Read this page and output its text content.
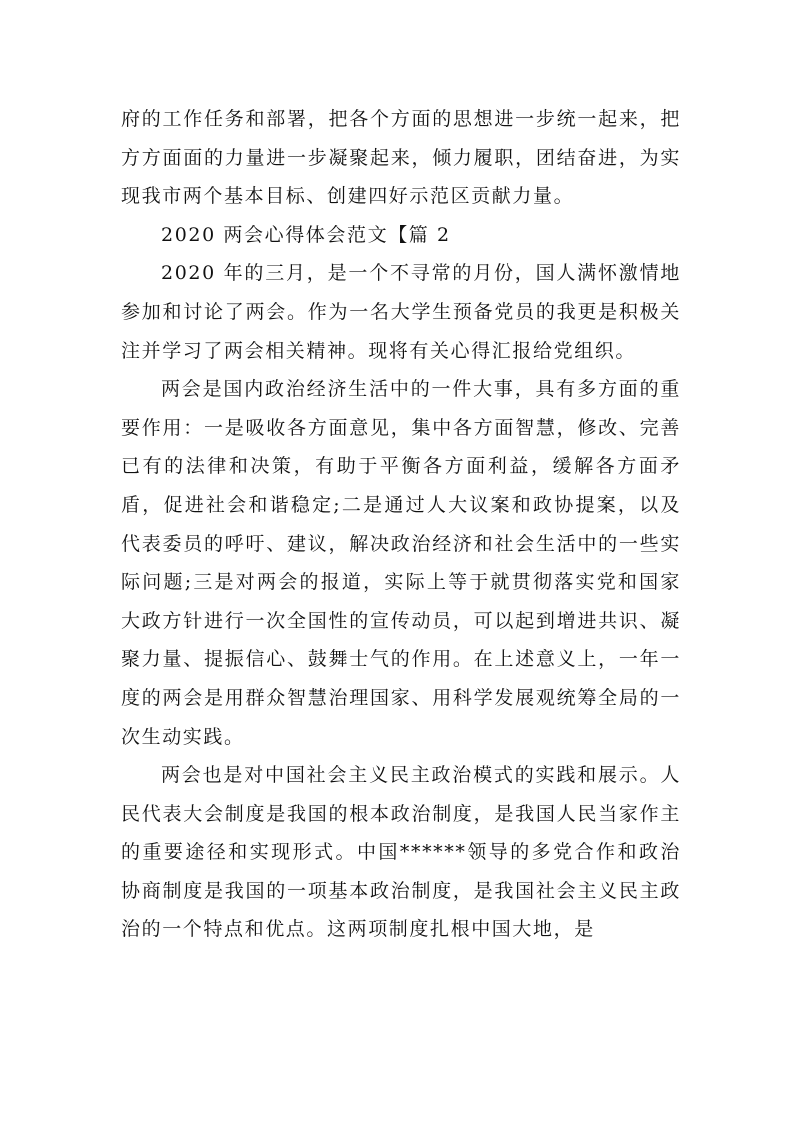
府的工作任务和部署，把各个方面的思想进一步统一起来，把方方面面的力量进一步凝聚起来，倾力履职，团结奋进，为实现我市两个基本目标、创建四好示范区贡献力量。

2020 两会心得体会范文【篇 2

2020 年的三月，是一个不寻常的月份，国人满怀激情地参加和讨论了两会。作为一名大学生预备党员的我更是积极关注并学习了两会相关精神。现将有关心得汇报给党组织。

两会是国内政治经济生活中的一件大事，具有多方面的重要作用：一是吸收各方面意见，集中各方面智慧，修改、完善已有的法律和决策，有助于平衡各方面利益，缓解各方面矛盾，促进社会和谐稳定;二是通过人大议案和政协提案，以及代表委员的呼吁、建议，解决政治经济和社会生活中的一些实际问题;三是对两会的报道，实际上等于就贯彻落实党和国家大政方针进行一次全国性的宣传动员，可以起到增进共识、凝聚力量、提振信心、鼓舞士气的作用。在上述意义上，一年一度的两会是用群众智慧治理国家、用科学发展观统筹全局的一次生动实践。

两会也是对中国社会主义民主政治模式的实践和展示。人民代表大会制度是我国的根本政治制度，是我国人民当家作主的重要途径和实现形式。中国******领导的多党合作和政治协商制度是我国的一项基本政治制度，是我国社会主义民主政治的一个特点和优点。这两项制度扎根中国大地，是
